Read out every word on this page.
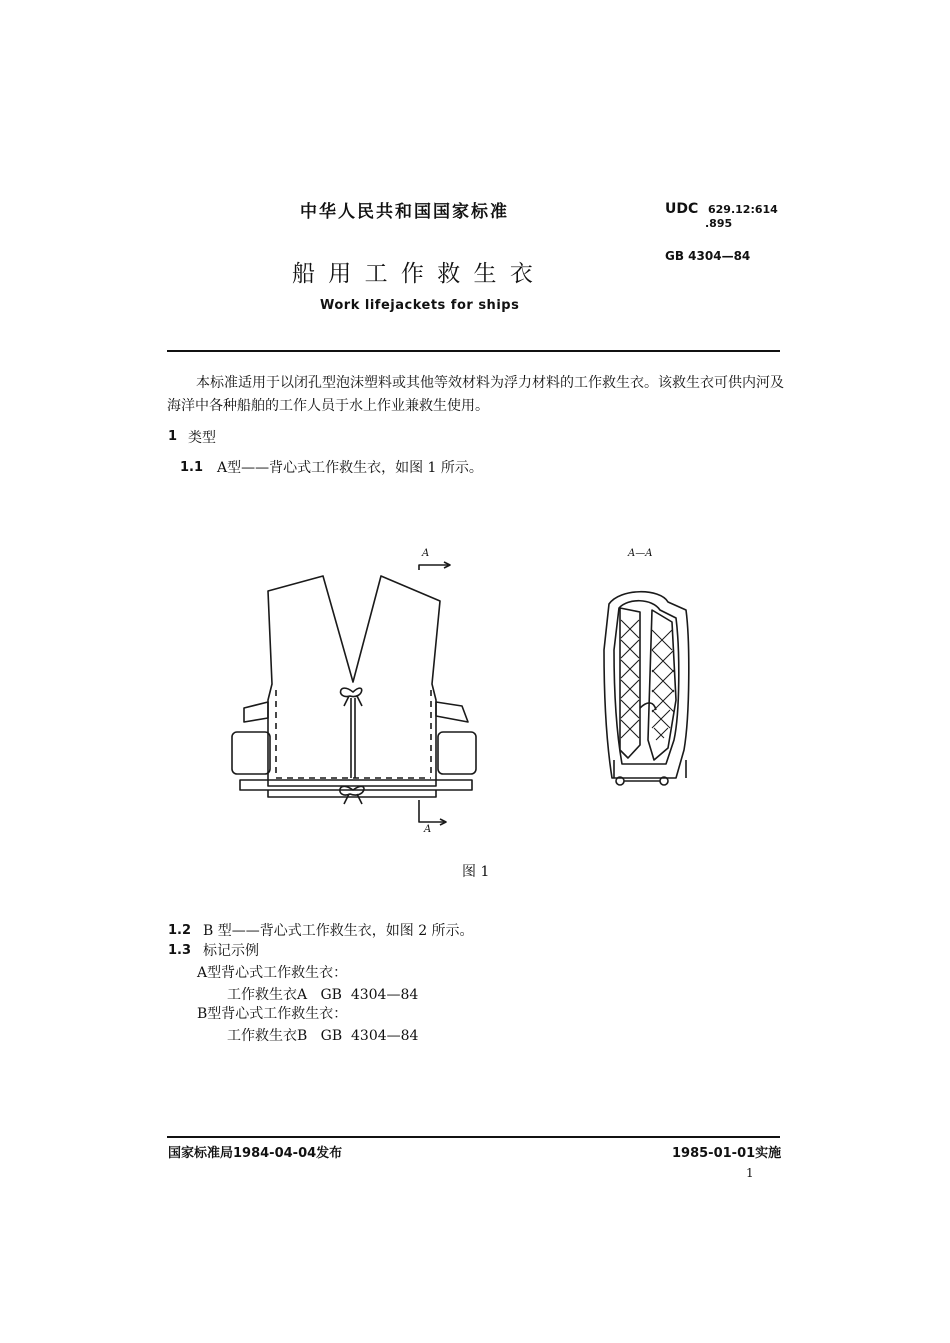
中华人民共和国国家标准	UDC 629.12:614
.895
GB 4304—84
船 用 工 作 救 生 衣
Work lifejackets for ships
本标准适用于以闭孔型泡沫塑料或其他等效材料为浮力材料的工作救生衣。该救生衣可供内河及
海洋中各种船舶的工作人员于水上作业兼救生使用。
1 类型
1.1 A型——背心式工作救生衣，如图 1 所示。
A
A
A—A
图 1
1.2 B 型——背心式工作救生衣，如图 2 所示。
1.3 标记示例
A型背心式工作救生衣：
工作救生衣A   GB  4304—84
B型背心式工作救生衣：
工作救生衣B   GB  4304—84
国家标准局1984-04-04发布	1985-01-01实施
1
